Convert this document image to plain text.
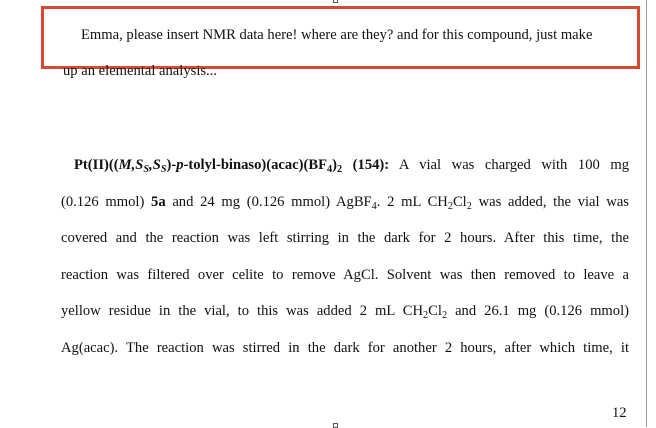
Emma, please insert NMR data here! where are they? and for this compound, just make
up an elemental analysis...

$Pt(II)((M,S_S,S_S)-p-tolyl-binaso)(acac)(BF_4)_2$ (154): A vial was charged with 100 mg
(0.126 mmol) 5a and 24 mg (0.126 mmol) AgBF$_4$. 2 mL $CH_2Cl_2$ was added, the vial was
covered and the reaction was left stirring in the dark for 2 hours. After this time, the
reaction was filtered over celite to remove AgCl. Solvent was then removed to leave a
yellow residue in the vial, to this was added 2 mL $CH_2Cl_2$ and 26.1 mg (0.126 mmol)
Ag(acac). The reaction was stirred in the dark for another 2 hours, after which time, it

12
